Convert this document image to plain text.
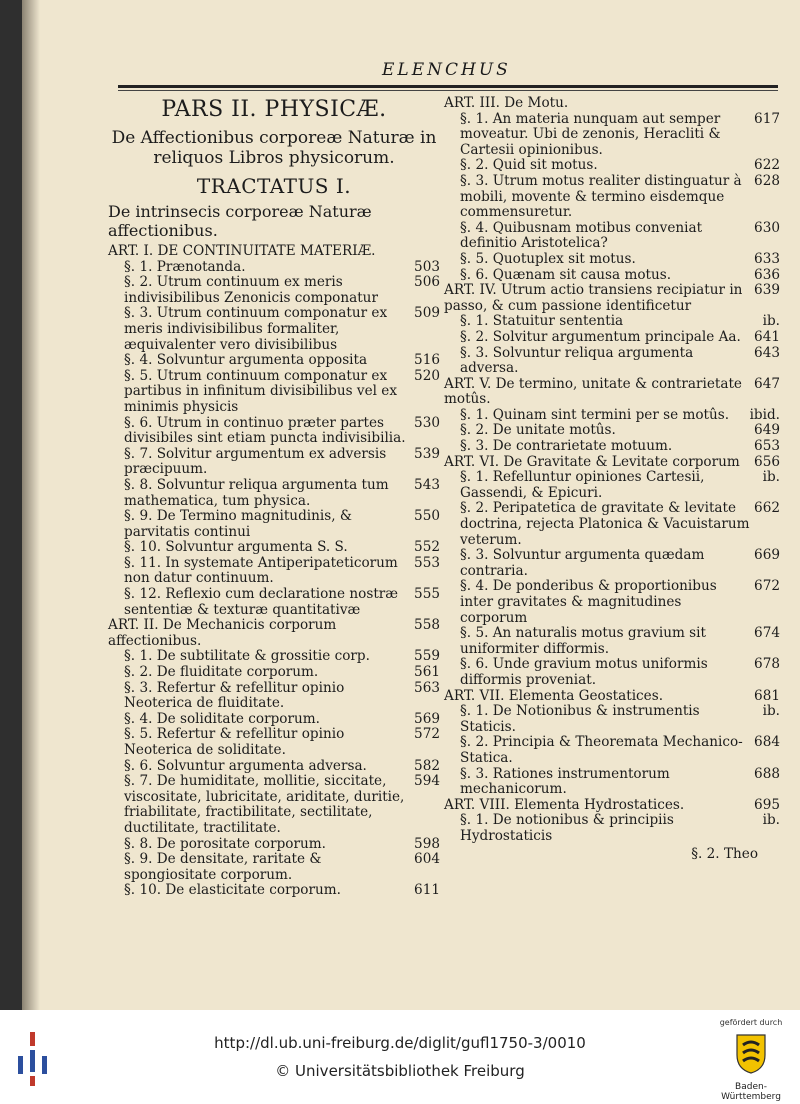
ELENCHUS
PARS II. PHYSICÆ.
De Affectionibus corporeæ Naturæ in reliquos Libros physicorum.
TRACTATUS I.
De intrinsecis corporeæ Naturæ affectionibus.
ART. I. DE CONTINUITATE MATERIÆ.
§. 1. Prænotanda.	503
§. 2. Utrum continuum ex meris indivisibilibus Zenonicis componatur
506
§. 3. Utrum continuum componatur ex meris indivisibilibus formaliter, æquivalenter vero divisibilibus
509
§. 4. Solvuntur argumenta opposita	516
§. 5. Utrum continuum componatur ex partibus in infinitum divisibilibus vel ex minimis physicis
520
§. 6. Utrum in continuo præter partes divisibiles sint etiam puncta indivisibilia.
530
§. 7. Solvitur argumentum ex adversis præcipuum.
539
§. 8. Solvuntur reliqua argumenta tum mathematica, tum physica.
543
§. 9. De Termino magnitudinis, & parvitatis continui
550
§. 10. Solvuntur argumenta S. S.	552
§. 11. In systemate Antiperipateticorum non datur continuum.
553
§. 12. Reflexio cum declaratione nostræ sententiæ & texturæ quantitativæ
555
ART. II. De Mechanicis corporum affectionibus.
558
§. 1. De subtilitate & grossitie corp.	559
§. 2. De fluiditate corporum.	561
§. 3. Refertur & refellitur opinio Neoterica de fluiditate.
563
§. 4. De soliditate corporum.	569
§. 5. Refertur & refellitur opinio Neoterica de soliditate.
572
§. 6. Solvuntur argumenta adversa.	582
§. 7. De humiditate, mollitie, siccitate, viscositate, lubricitate, ariditate, duritie, friabilitate, fractibilitate, sectilitate, ductilitate, tractilitate.
594
§. 8. De porositate corporum.	598
§. 9. De densitate, raritate & spongiositate corporum.
604
§. 10. De elasticitate corporum.	611
ART. III. De Motu.
§. 1. An materia nunquam aut semper moveatur. Ubi de zenonis, Heracliti & Cartesii opinionibus.
617
§. 2. Quid sit motus.	622
§. 3. Utrum motus realiter distinguatur à mobili, movente & termino eisdemque commensuretur.
628
§. 4. Quibusnam motibus conveniat definitio Aristotelica?
630
§. 5. Quotuplex sit motus.	633
§. 6. Quænam sit causa motus.	636
ART. IV. Utrum actio transiens recipiatur in passo, & cum passione identificetur
639
§. 1. Statuitur sententia	ib.
§. 2. Solvitur argumentum principale Aa. 641
§. 3. Solvuntur reliqua argumenta adversa.
643
ART. V. De termino, unitate & contrarietate motûs.
647
§. 1. Quinam sint termini per se motûs.	ibid.
§. 2. De unitate motûs.	649
§. 3. De contrarietate motuum.	653
ART. VI. De Gravitate & Levitate corporum	656
§. 1. Refelluntur opiniones Cartesii, Gassendi, & Epicuri.
ib.
§. 2. Peripatetica de gravitate & levitate doctrina, rejecta Platonica & Vacuistarum veterum.
662
§. 3. Solvuntur argumenta quædam contraria.
669
§. 4. De ponderibus & proportionibus inter gravitates & magnitudines corporum
672
§. 5. An naturalis motus gravium sit uniformiter difformis.
674
§. 6. Unde gravium motus uniformis difformis proveniat.
678
ART. VII. Elementa Geostatices.	681
§. 1. De Notionibus & instrumentis Staticis.
ib.
§. 2. Principia & Theoremata Mechanico-Statica.
684
§. 3. Rationes instrumentorum mechanicorum.
688
ART. VIII. Elementa Hydrostatices.	695
§. 1. De notionibus & principiis Hydrostaticis
ib.
§. 2. Theo
http://dl.ub.uni-freiburg.de/diglit/gufl1750-3/0010
© Universitätsbibliothek Freiburg
gefördert durch
Baden-Württemberg
